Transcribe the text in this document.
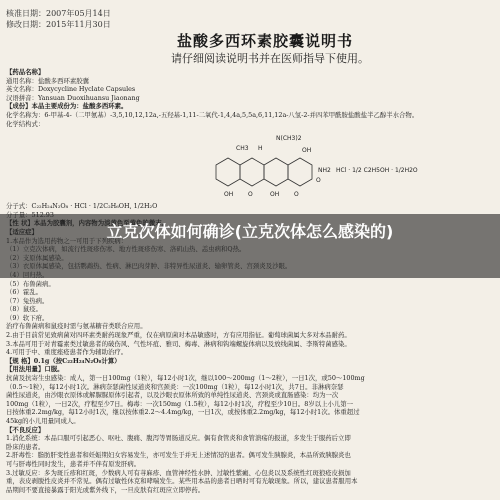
核准日期：2007年05月14日
修改日期：2015年11月30日
盐酸多西环素胶囊说明书
请仔细阅读说明书并在医师指导下使用。
【药品名称】
通用名称：盐酸多西环素胶囊
英文名称：Doxycycline Hyclate Capsules
汉语拼音：Yansuan Duoxihuansu Jiaonang
【成份】本品主要成份为：盐酸多西环素。
化学名称为：6-甲基-4-（二甲氨基）-3,5,10,12,12a,-五羟基-1,11-二氧代-1,4,4a,5,5a,6,11,12a-八氢-2-并四苯甲酰胺盐酸盐半乙醇半水合物。
化学结构式：
OH O	OH O
O
NH2
OH
CH3 H
N(CH3)2
HCl · 1/2 C2H5OH · 1/2H2O
分子式：C₂₂H₂₄N₂O₈ · HCl · 1/2C₂H₆OH, 1/2H₂O
（5）布鲁菌病。
（6）霍乱。
（7）兔热病。
（8）鼠疫。
（9）软下疳。
治疗布鲁菌病和鼠疫时需与氨基糖苷类联合应用。
2.由于目前常见致病菌对四环素类耐药现象严重，仅在病原菌对本品敏感时，方有应用指征。葡萄球菌属大多对本品耐药。
3.本品可用于对青霉素类过敏患者的破伤风、气性坏疽、雅司、梅毒、淋病和钩端螺旋体病以及放线菌属、李斯特菌感染。
4.可用于中、重度痤疮患者作为辅助治疗。
【规 格】0.1g（按C₂₂H₂₄N₂O₈计算）
【用法用量】口服。
抗菌及抗寄生虫感染：成人，第一日100mg（1粒），每12小时1次，继以100～200mg（1～2粒），一日1次，或50～100mg
（0.5～1粒），每12小时1次。淋病奈瑟菌性尿道炎和宫颈炎：一次100mg（1粒），每12小时1次，共7日。非淋病奈瑟
菌性尿道炎，由沙眼衣原体或解脲脲原体引起者，以及沙眼衣原体所致的单纯性尿道炎、宫颈炎或直肠感染：均为一次
100mg（1粒），一日2次，疗程至少7日。梅毒：一次150mg（1.5粒），每12小时1次，疗程至少10日。8岁以上小儿第一
日按体重2.2mg/kg，每12小时1次，继以按体重2.2～4.4mg/kg，一日1次，或按体重2.2mg/kg，每12小时1次。体重超过
45kg的小儿用量同成人。
【不良反应】
1.消化系统：本品口服可引起恶心、呕吐、腹痛、腹泻等胃肠道反应。偶有食管炎和食管溃疡的报道，多发生于服药后立即
卧床的患者。
2.肝毒性：脂肪肝变性患者和妊娠期妇女容易发生，亦可发生于并无上述情况的患者。偶可发生胰腺炎，本品所致胰腺炎也
可与肝毒性同时发生，患者并不伴有原发肝病。
3.过敏反应：多为斑丘疹和红斑，少数病人可有荨麻疹、血管神经性水肿、过敏性紫癜、心包炎以及系统性红斑狼疮皮损加
重，表皮剥脱性皮炎并不常见。偶有过敏性休克和哮喘发生。某些用本品的患者日晒时可有光敏现象。所以，建议患者服用本
品期间不要直接暴露于阳光或紫外线下，一旦皮肤有红斑应立即停药。
立克次体如何确诊(立克次体怎么感染的)
